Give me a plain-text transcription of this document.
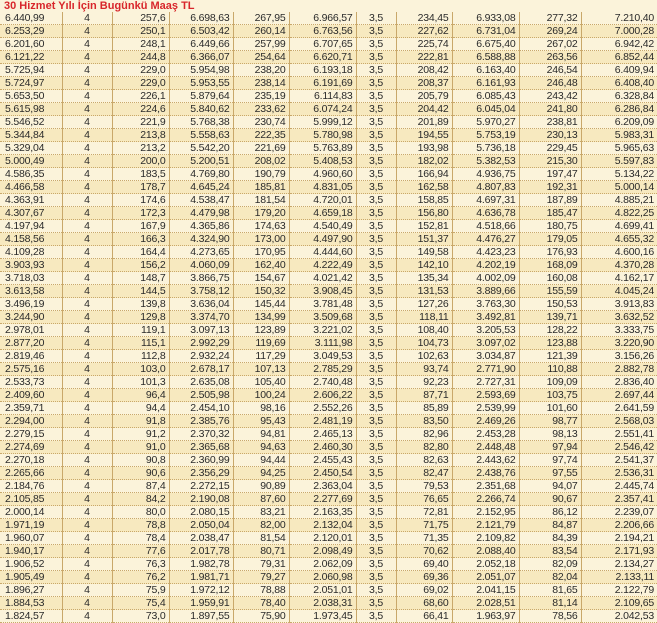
30 Hizmet Yılı İçin Bugünkü Maaş TL
6.440,99	4	257,6	6.698,63	267,95	6.966,57	3,5	234,45	6.933,08	277,32	7.210,40
6.253,29	4	250,1	6.503,42	260,14	6.763,56	3,5	227,62	6.731,04	269,24	7.000,28
6.201,60	4	248,1	6.449,66	257,99	6.707,65	3,5	225,74	6.675,40	267,02	6.942,42
6.121,22	4	244,8	6.366,07	254,64	6.620,71	3,5	222,81	6.588,88	263,56	6.852,44
5.725,94	4	229,0	5.954,98	238,20	6.193,18	3,5	208,42	6.163,40	246,54	6.409,94
5.724,97	4	229,0	5.953,55	238,14	6.191,69	3,5	208,37	6.161,93	246,48	6.408,40
5.653,50	4	226,1	5.879,64	235,19	6.114,83	3,5	205,79	6.085,43	243,42	6.328,84
5.615,98	4	224,6	5.840,62	233,62	6.074,24	3,5	204,42	6.045,04	241,80	6.286,84
5.546,52	4	221,9	5.768,38	230,74	5.999,12	3,5	201,89	5.970,27	238,81	6.209,09
5.344,84	4	213,8	5.558,63	222,35	5.780,98	3,5	194,55	5.753,19	230,13	5.983,31
5.329,04	4	213,2	5.542,20	221,69	5.763,89	3,5	193,98	5.736,18	229,45	5.965,63
5.000,49	4	200,0	5.200,51	208,02	5.408,53	3,5	182,02	5.382,53	215,30	5.597,83
4.586,35	4	183,5	4.769,80	190,79	4.960,60	3,5	166,94	4.936,75	197,47	5.134,22
4.466,58	4	178,7	4.645,24	185,81	4.831,05	3,5	162,58	4.807,83	192,31	5.000,14
4.363,91	4	174,6	4.538,47	181,54	4.720,01	3,5	158,85	4.697,31	187,89	4.885,21
4.307,67	4	172,3	4.479,98	179,20	4.659,18	3,5	156,80	4.636,78	185,47	4.822,25
4.197,94	4	167,9	4.365,86	174,63	4.540,49	3,5	152,81	4.518,66	180,75	4.699,41
4.158,56	4	166,3	4.324,90	173,00	4.497,90	3,5	151,37	4.476,27	179,05	4.655,32
4.109,28	4	164,4	4.273,65	170,95	4.444,60	3,5	149,58	4.423,23	176,93	4.600,16
3.903,93	4	156,2	4.060,09	162,40	4.222,49	3,5	142,10	4.202,19	168,09	4.370,28
3.718,03	4	148,7	3.866,75	154,67	4.021,42	3,5	135,34	4.002,09	160,08	4.162,17
3.613,58	4	144,5	3.758,12	150,32	3.908,45	3,5	131,53	3.889,66	155,59	4.045,24
3.496,19	4	139,8	3.636,04	145,44	3.781,48	3,5	127,26	3.763,30	150,53	3.913,83
3.244,90	4	129,8	3.374,70	134,99	3.509,68	3,5	118,11	3.492,81	139,71	3.632,52
2.978,01	4	119,1	3.097,13	123,89	3.221,02	3,5	108,40	3.205,53	128,22	3.333,75
2.877,20	4	115,1	2.992,29	119,69	3.111,98	3,5	104,73	3.097,02	123,88	3.220,90
2.819,46	4	112,8	2.932,24	117,29	3.049,53	3,5	102,63	3.034,87	121,39	3.156,26
2.575,16	4	103,0	2.678,17	107,13	2.785,29	3,5	93,74	2.771,90	110,88	2.882,78
2.533,73	4	101,3	2.635,08	105,40	2.740,48	3,5	92,23	2.727,31	109,09	2.836,40
2.409,60	4	96,4	2.505,98	100,24	2.606,22	3,5	87,71	2.593,69	103,75	2.697,44
2.359,71	4	94,4	2.454,10	98,16	2.552,26	3,5	85,89	2.539,99	101,60	2.641,59
2.294,00	4	91,8	2.385,76	95,43	2.481,19	3,5	83,50	2.469,26	98,77	2.568,03
2.279,15	4	91,2	2.370,32	94,81	2.465,13	3,5	82,96	2.453,28	98,13	2.551,41
2.274,69	4	91,0	2.365,68	94,63	2.460,30	3,5	82,80	2.448,48	97,94	2.546,42
2.270,18	4	90,8	2.360,99	94,44	2.455,43	3,5	82,63	2.443,62	97,74	2.541,37
2.265,66	4	90,6	2.356,29	94,25	2.450,54	3,5	82,47	2.438,76	97,55	2.536,31
2.184,76	4	87,4	2.272,15	90,89	2.363,04	3,5	79,53	2.351,68	94,07	2.445,74
2.105,85	4	84,2	2.190,08	87,60	2.277,69	3,5	76,65	2.266,74	90,67	2.357,41
2.000,14	4	80,0	2.080,15	83,21	2.163,35	3,5	72,81	2.152,95	86,12	2.239,07
1.971,19	4	78,8	2.050,04	82,00	2.132,04	3,5	71,75	2.121,79	84,87	2.206,66
1.960,07	4	78,4	2.038,47	81,54	2.120,01	3,5	71,35	2.109,82	84,39	2.194,21
1.940,17	4	77,6	2.017,78	80,71	2.098,49	3,5	70,62	2.088,40	83,54	2.171,93
1.906,52	4	76,3	1.982,78	79,31	2.062,09	3,5	69,40	2.052,18	82,09	2.134,27
1.905,49	4	76,2	1.981,71	79,27	2.060,98	3,5	69,36	2.051,07	82,04	2.133,11
1.896,27	4	75,9	1.972,12	78,88	2.051,01	3,5	69,02	2.041,15	81,65	2.122,79
1.884,53	4	75,4	1.959,91	78,40	2.038,31	3,5	68,60	2.028,51	81,14	2.109,65
1.824,57	4	73,0	1.897,55	75,90	1.973,45	3,5	66,41	1.963,97	78,56	2.042,53
